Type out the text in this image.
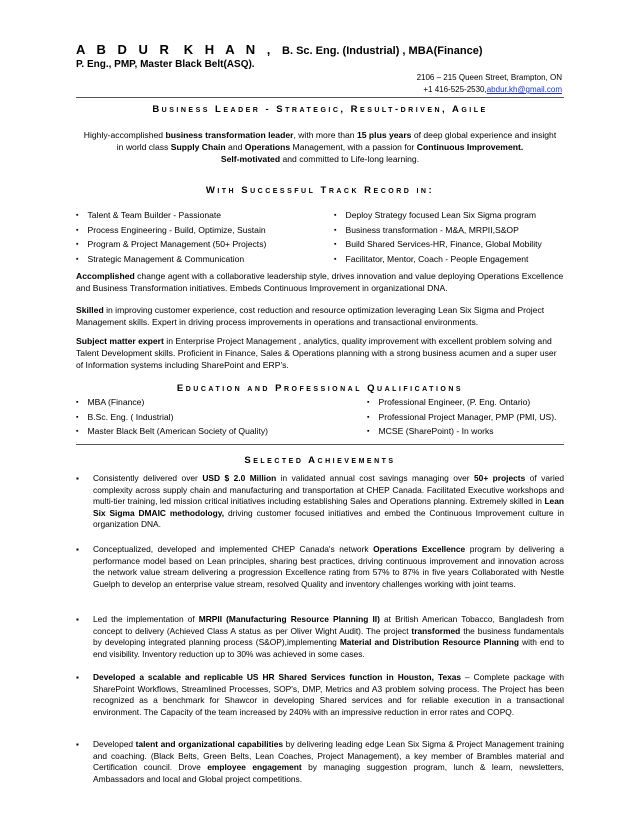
A B D U R K H A N , B. Sc. Eng. (Industrial) , MBA(Finance)
P. Eng., PMP, Master Black Belt(ASQ).
2106 – 215 Queen Street, Brampton, ON
+1 416-525-2530,abdur.kh@gmail.com
Business Leader - Strategic, Result-driven, Agile
Highly-accomplished business transformation leader, with more than 15 plus years of deep global experience and insight in world class Supply Chain and Operations Management, with a passion for Continuous Improvement.
Self-motivated and committed to Life-long learning.
With Successful Track Record in:
▪ Talent & Team Builder - Passionate
▪ Process Engineering - Build, Optimize, Sustain
▪ Program & Project Management (50+ Projects)
▪ Strategic Management & Communication
▪ Deploy Strategy focused Lean Six Sigma program
▪ Business transformation - M&A, MRPII,S&OP
▪ Build Shared Services-HR, Finance, Global Mobility
▪ Facilitator, Mentor, Coach - People Engagement
Accomplished change agent with a collaborative leadership style, drives innovation and value deploying Operations Excellence and Business Transformation initiatives. Embeds Continuous Improvement in organizational DNA.
Skilled in improving customer experience, cost reduction and resource optimization leveraging Lean Six Sigma and Project Management skills. Expert in driving process improvements in operations and transactional environments.
Subject matter expert in Enterprise Project Management , analytics, quality improvement with excellent problem solving and Talent Development skills. Proficient in Finance, Sales & Operations planning with a strong business acumen and a super user of Information systems including SharePoint and ERP's.
Education and Professional Qualifications
▪ MBA (Finance)
▪ B.Sc. Eng. ( Industrial)
▪ Master Black Belt (American Society of Quality)
▪ Professional Engineer, (P. Eng. Ontario)
▪ Professional Project Manager, PMP (PMI, US).
▪ MCSE (SharePoint) - In works
Selected Achievements
▪ Consistently delivered over USD $ 2.0 Million in validated annual cost savings managing over 50+ projects of varied complexity across supply chain and manufacturing and transportation at CHEP Canada. Facilitated Executive workshops and multi-tier training, led mission critical initiatives including establishing Sales and Operations planning. Extremely skilled in Lean Six Sigma DMAIC methodology, driving customer focused initiatives and embed the Continuous Improvement culture in organization DNA.
▪ Conceptualized, developed and implemented CHEP Canada's network Operations Excellence program by delivering a performance model based on Lean principles, sharing best practices, driving continuous improvement and innovation across the network value stream delivering a progression Excellence rating from 57% to 87% in five years Collaborated with Nestle Guelph to develop an enterprise value stream, resolved Quality and inventory challenges working with joint teams.
▪ Led the implementation of MRPII (Manufacturing Resource Planning II) at British American Tobacco, Bangladesh from concept to delivery (Achieved Class A status as per Oliver Wight Audit). The project transformed the business fundamentals by developing integrated planning process (S&OP),implementing Material and Distribution Resource Planning with end to end visibility. Inventory reduction up to 30% was achieved in some cases.
▪ Developed a scalable and replicable US HR Shared Services function in Houston, Texas – Complete package with SharePoint Workflows, Streamlined Processes, SOP's, DMP, Metrics and A3 problem solving process. The Project has been recognized as a benchmark for Shawcor in developing Shared services and for reliable execution in a transactional environment. The Capacity of the team increased by 240% with an impressive reduction in error rates and COPQ.
▪ Developed talent and organizational capabilities by delivering leading edge Lean Six Sigma & Project Management training and coaching. (Black Belts, Green Belts, Lean Coaches, Project Management), a key member of Brambles material and Certification council. Drove employee engagement by managing suggestion program, lunch & learn, newsletters, Ambassadors and local and Global project competitions.
